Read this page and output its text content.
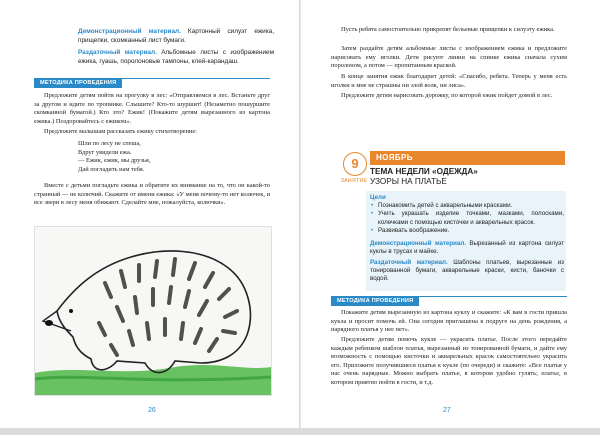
Демонстрационный материал. Картонный силуэт ежика, прищепки, скомканный лист бумаги.
Раздаточный материал. Альбомные листы с изображением ежика, гуашь, поролоновые тампоны, клей-карандаш.
МЕТОДИКА ПРОВЕДЕНИЯ
Предложите детям пойти на прогулку в лес: «Отправляемся в лес. Встаньте друг за другом и идите по тропинке. Слышите? Кто-то шуршит! (Незаметно пошуршите скомканной бумагой.) Кто это? Ежик! (Покажите детям вырезанного из картона ежика.) Поздоровайтесь с ежиком».
Предложите малышам рассказать ежику стихотворение:

Шли по лесу не спеша,

Вдруг увидели ежа.

— Ежик, ежик, мы друзья,

Дай погладить нам тебя.

Вместе с детьми погладьте ежика и обратите их внимание на то, что он какой-то странный — не колючий. Скажите от имени ежика: «У меня почему-то нет колючек, и все звери в лесу меня обижают. Сделайте мне, пожалуйста, колючки».
26
Пусть ребята самостоятельно прикрепят бельевые прищепки к силуэту ежика.
Затем раздайте детям альбомные листы с изображением ежика и предложите нарисовать ему иголки. Дети рисуют линии на спинке ежика сначала сухим поролоном, а потом — пропитанным краской.
В конце занятия ежик благодарит детей: «Спасибо, ребята. Теперь у меня есть иголки и мне не страшны ни злой волк, ни лиса».
Предложите детям нарисовать дорожку, по которой ежик пойдет домой в лес.
9
ЗАНЯТИЕ
НОЯБРЬ

ТЕМА НЕДЕЛИ «ОДЕЖДА»

УЗОРЫ НА ПЛАТЬЕ

Цели

• Познакомить детей с акварельными красками.

• Учить украшать изделие точками, мазками, полосками, колечками с помощью кисточки и акварельных красок.

• Развивать воображение.

Демонстрационный материал. Вырезанный из картона силуэт куклы в трусах и майке.
Раздаточный материал. Шаблоны платьев, вырезанные из тонированной бумаги, акварельные краски, кисти, баночки с водой.
МЕТОДИКА ПРОВЕДЕНИЯ
Покажите детям вырезанную из картона куклу и скажите: «К вам в гости пришла кукла и просит помочь ей. Она сегодня приглашена к подруге на день рождения, а нарядного платья у нее нет».
Предложите детям помочь кукле — украсить платье. После этого передайте каждым ребенком шаблон платья, вырезанный из тонированной бумаги, и дайте ему возможность с помощью кисточки и акварельных красок самостоятельно украсить его. Приложите получившиеся платья к кукле (по очереди) и скажите: «Все платья у нас очень нарядные. Можно выбрать платье, в котором удобно гулять; платье, в котором приятно пойти в гости, и т.д.
27
